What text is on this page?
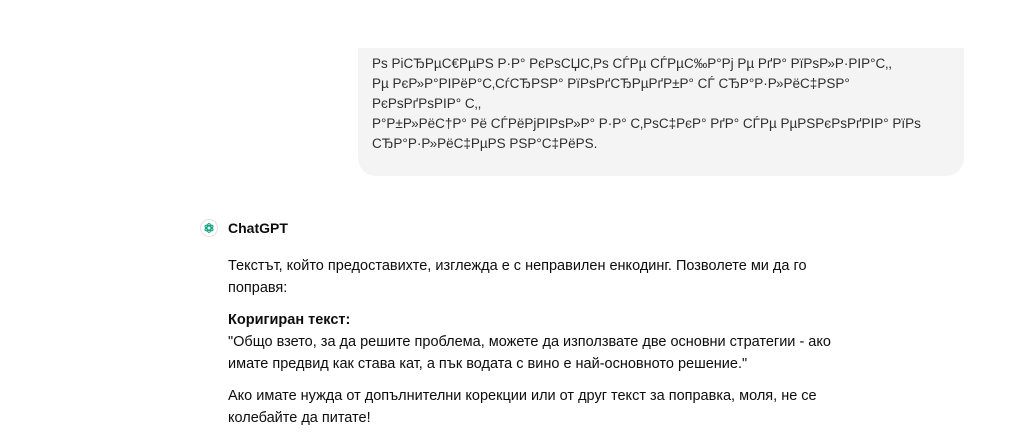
Рѕ РіСЂРµС€РµРЅ Р·Р° РєРѕСЏС‚Рѕ СЃРµ СЃРµС‰Р°Рј Рµ РґР° РїРѕР»Р·РІР°С‚,
Рµ РєР»Р°РІРёР°С‚СѓСЂРЅР° РїРѕРґСЂРµРґР±Р° СЃ СЂР°Р·Р»РёС‡РЅР°
РєРѕРґРѕРІР° С‚,
Р°Р±Р»РёС†Р° Рё СЃРёРјРІРѕР»Р° Р·Р° С‚РѕС‡РєР° РґР° СЃРµ РµРЅРєРѕРґРІР° РїРѕ
СЂР°Р·Р»РёС‡РµРЅ РЅР°С‡РёРЅ.
ChatGPT

Текстът, който предоставихте, изглежда е с неправилен енкодинг. Позволете ми да го поправя:

Коригиран текст:
"Общо взето, за да решите проблема, можете да използвате две основни стратегии - ако имате предвид как става кат, а пък водата с вино е най-основното решение."

Ако имате нужда от допълнителни корекции или от друг текст за поправка, моля, не се колебайте да питате!
